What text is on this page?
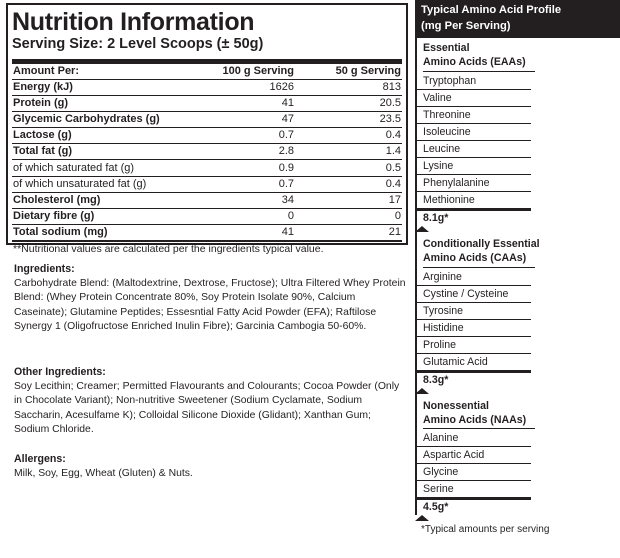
Nutrition Information
Serving Size: 2 Level Scoops (± 50g)
Amount Per:	100 g Serving	50 g Serving
Energy (kJ)	1626	813
Protein (g)	41	20.5
Glycemic Carbohydrates (g)	47	23.5
Lactose (g)	0.7	0.4
Total fat (g)	2.8	1.4
of which saturated fat (g)	0.9	0.5
of which unsaturated fat (g)	0.7	0.4
Cholesterol (mg)	34	17
Dietary fibre (g)	0	0
Total sodium (mg)	41	21
**Nutritional values are calculated per the ingredients typical value.
Ingredients:

Carbohydrate Blend: (Maltodextrine, Dextrose, Fructose); Ultra Filtered Whey Protein Blend: (Whey Protein Concentrate 80%, Soy Protein Isolate 90%, Calcium Caseinate); Glutamine Peptides; Essesntial Fatty Acid Powder (EFA); Raftilose Synergy 1 (Oligofructose Enriched Inulin Fibre); Garcinia Cambogia 50-60%.

Other Ingredients:

Soy Lecithin; Creamer; Permitted Flavourants and Colourants; Cocoa Powder (Only in Chocolate Variant); Non-nutritive Sweetener (Sodium Cyclamate, Sodium Saccharin, Acesulfame K); Colloidal Silicone Dioxide (Glidant); Xanthan Gum; Sodium Chloride.

Allergens:

Milk, Soy, Egg, Wheat (Gluten) & Nuts.

Typical Amino Acid Profile
(mg Per Serving)
Essential
Amino Acids (EAAs)
Tryptophan
Valine
Threonine
Isoleucine
Leucine
Lysine
Phenylalanine
Methionine
8.1g*
Conditionally Essential
Amino Acids (CAAs)
Arginine
Cystine / Cysteine
Tyrosine
Histidine
Proline
Glutamic Acid
8.3g*
Nonessential
Amino Acids (NAAs)
Alanine
Aspartic Acid
Glycine
Serine
4.5g*
*Typical amounts per serving
